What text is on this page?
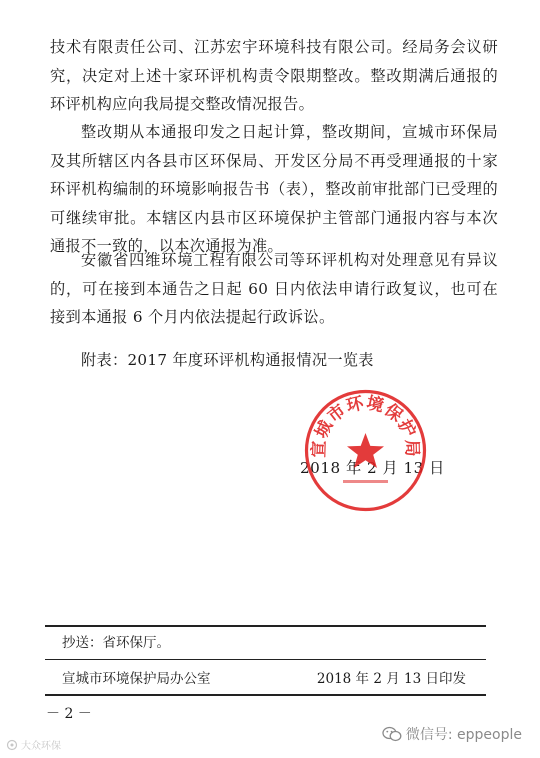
技术有限责任公司、江苏宏宇环境科技有限公司。经局务会议研究，决定对上述十家环评机构责令限期整改。整改期满后通报的环评机构应向我局提交整改情况报告。

整改期从本通报印发之日起计算，整改期间，宣城市环保局及其所辖区内各县市区环保局、开发区分局不再受理通报的十家环评机构编制的环境影响报告书（表），整改前审批部门已受理的可继续审批。本辖区内县市区环境保护主管部门通报内容与本次通报不一致的，以本次通报为准。

安徽省四维环境工程有限公司等环评机构对处理意见有异议的，可在接到本通告之日起 60 日内依法申请行政复议，也可在接到本通报 6 个月内依法提起行政诉讼。

附表：2017 年度环评机构通报情况一览表
2018 年 2 月 13 日
宣城市环境保护局
抄送：省环保厅。
宣城市环境保护局办公室	2018 年 2 月 13 日印发
－ 2 －
微信号: eppeople
大众环保
